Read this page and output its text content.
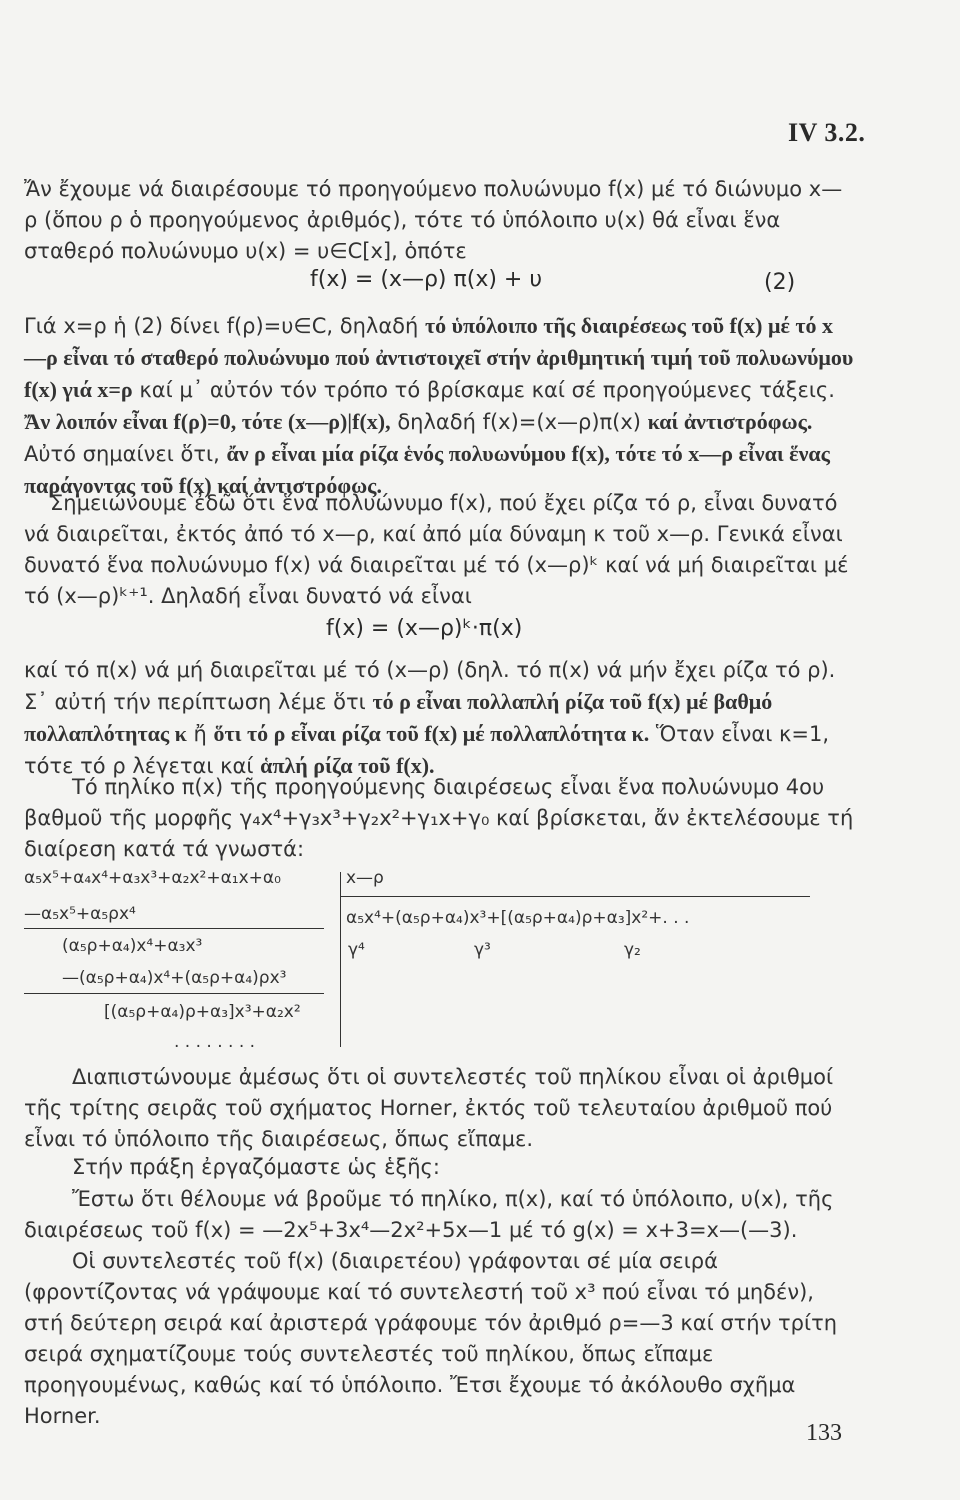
IV 3.2.
Ἄν ἔχουμε νά διαιρέσουμε τό προηγούμενο πολυώνυμο f(x) μέ τό διώνυμο x—ρ (ὅπου ρ ὁ προηγούμενος ἀριθμός), τότε τό ὑπόλοιπο υ(x) θά εἶναι ἕνα σταθερό πολυώνυμο υ(x) = υ∈C[x], ὁπότε
f(x) = (x—ρ) π(x) + υ	(2)
Γιά x=ρ ἡ (2) δίνει f(ρ)=υ∈C, δηλαδή τό ὑπόλοιπο τῆς διαιρέσεως τοῦ f(x) μέ τό x—ρ εἶναι τό σταθερό πολυώνυμο πού ἀντιστοιχεῖ στήν ἀριθμητική τιμή τοῦ πολυωνύμου f(x) γιά x=ρ καί μ᾽ αὐτόν τόν τρόπο τό βρίσκαμε καί σέ προηγούμενες τάξεις. Ἄν λοιπόν εἶναι f(ρ)=0, τότε (x—ρ)|f(x), δηλαδή f(x)=(x—ρ)π(x) καί ἀντιστρόφως. Αὐτό σημαίνει ὅτι, ἄν ρ εἶναι μία ρίζα ἑνός πολυωνύμου f(x), τότε τό x—ρ εἶναι ἕνας παράγοντας τοῦ f(x) καί ἀντιστρόφως.
Σημειώνουμε ἐδῶ ὅτι ἕνα πολυώνυμο f(x), πού ἔχει ρίζα τό ρ, εἶναι δυνατό νά διαιρεῖται, ἐκτός ἀπό τό x—ρ, καί ἀπό μία δύναμη κ τοῦ x—ρ. Γενικά εἶναι δυνατό ἕνα πολυώνυμο f(x) νά διαιρεῖται μέ τό (x—ρ)ᵏ καί νά μή διαιρεῖται μέ τό (x—ρ)ᵏ⁺¹. Δηλαδή εἶναι δυνατό νά εἶναι
f(x) = (x—ρ)ᵏ·π(x)
καί τό π(x) νά μή διαιρεῖται μέ τό (x—ρ) (δηλ. τό π(x) νά μήν ἔχει ρίζα τό ρ). Σ᾽ αὐτή τήν περίπτωση λέμε ὅτι τό ρ εἶναι πολλαπλή ρίζα τοῦ f(x) μέ βαθμό πολλαπλότητας κ ἤ ὅτι τό ρ εἶναι ρίζα τοῦ f(x) μέ πολλαπλότητα κ. Ὅταν εἶναι κ=1, τότε τό ρ λέγεται καί ἁπλή ρίζα τοῦ f(x).
Τό πηλίκο π(x) τῆς προηγούμενης διαιρέσεως εἶναι ἕνα πολυώνυμο 4ου βαθμοῦ τῆς μορφῆς γ₄x⁴+γ₃x³+γ₂x²+γ₁x+γ₀ καί βρίσκεται, ἄν ἐκτελέσουμε τή διαίρεση κατά τά γνωστά:
α₅x⁵+α₄x⁴+α₃x³+α₂x²+α₁x+α₀	x—ρ
—α₅x⁵+α₅ρx⁴	α₅x⁴+(α₅ρ+α₄)x³+[(α₅ρ+α₄)ρ+α₃]x²+. . .
(α₅ρ+α₄)x⁴+α₃x³	γ⁴	γ³	γ₂
—(α₅ρ+α₄)x⁴+(α₅ρ+α₄)ρx³
[(α₅ρ+α₄)ρ+α₃]x³+α₂x²
. . . . . . . .
Διαπιστώνουμε ἀμέσως ὅτι οἱ συντελεστές τοῦ πηλίκου εἶναι οἱ ἀριθμοί τῆς τρίτης σειρᾶς τοῦ σχήματος Horner, ἐκτός τοῦ τελευταίου ἀριθμοῦ πού εἶναι τό ὑπόλοιπο τῆς διαιρέσεως, ὅπως εἴπαμε.
Στήν πράξη ἐργαζόμαστε ὡς ἑξῆς:
Ἔστω ὅτι θέλουμε νά βροῦμε τό πηλίκο, π(x), καί τό ὑπόλοιπο, υ(x), τῆς διαιρέσεως τοῦ f(x) = —2x⁵+3x⁴—2x²+5x—1 μέ τό g(x) = x+3=x—(—3).
Οἱ συντελεστές τοῦ f(x) (διαιρετέου) γράφονται σέ μία σειρά (φροντίζοντας νά γράψουμε καί τό συντελεστή τοῦ x³ πού εἶναι τό μηδέν), στή δεύτερη σειρά καί ἀριστερά γράφουμε τόν ἀριθμό ρ=—3 καί στήν τρίτη σειρά σχηματίζουμε τούς συντελεστές τοῦ πηλίκου, ὅπως εἴπαμε προηγουμένως, καθώς καί τό ὑπόλοιπο. Ἔτσι ἔχουμε τό ἀκόλουθο σχῆμα Horner.
133
